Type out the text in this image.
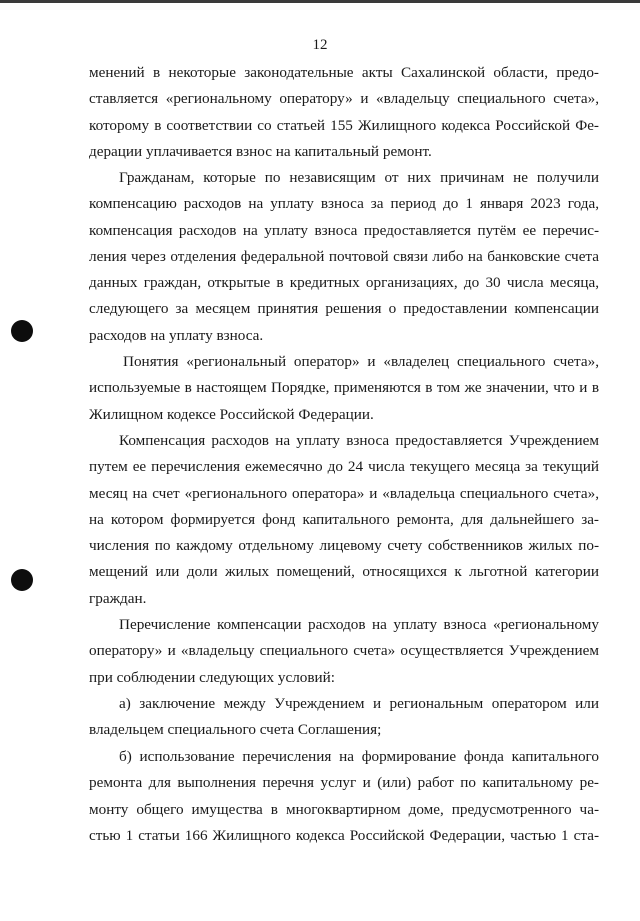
12
менений в некоторые законодательные акты Сахалинской области, предо-
ставляется «региональному оператору» и «владельцу специального счета»,
которому в соответствии со статьей 155 Жилищного кодекса Российской Фе-
дерации уплачивается взнос на капитальный ремонт.
Гражданам, которые по независящим от них причинам не получили
компенсацию расходов на уплату взноса за период до 1 января 2023 года,
компенсация расходов на уплату взноса предоставляется путём ее перечис-
ления через отделения федеральной почтовой связи либо на банковские счета
данных граждан, открытые в кредитных организациях, до 30 числа месяца,
следующего за месяцем принятия решения о предоставлении компенсации
расходов на уплату взноса.
Понятия «региональный оператор» и «владелец специального счета»,
используемые в настоящем Порядке, применяются в том же значении, что и в
Жилищном кодексе Российской Федерации.
Компенсация расходов на уплату взноса предоставляется Учреждением
путем ее перечисления ежемесячно до 24 числа текущего месяца за текущий
месяц на счет «регионального оператора» и «владельца специального счета»,
на котором формируется фонд капитального ремонта, для дальнейшего за-
числения по каждому отдельному лицевому счету собственников жилых по-
мещений или доли жилых помещений, относящихся к льготной категории
граждан.
Перечисление компенсации расходов на уплату взноса «региональному
оператору» и «владельцу специального счета» осуществляется Учреждением
при соблюдении следующих условий:
а) заключение между Учреждением и региональным оператором или
владельцем специального счета Соглашения;
б) использование перечисления на формирование фонда капитального
ремонта для выполнения перечня услуг и (или) работ по капитальному ре-
монту общего имущества в многоквартирном доме, предусмотренного ча-
стью 1 статьи 166 Жилищного кодекса Российской Федерации, частью 1 ста-
